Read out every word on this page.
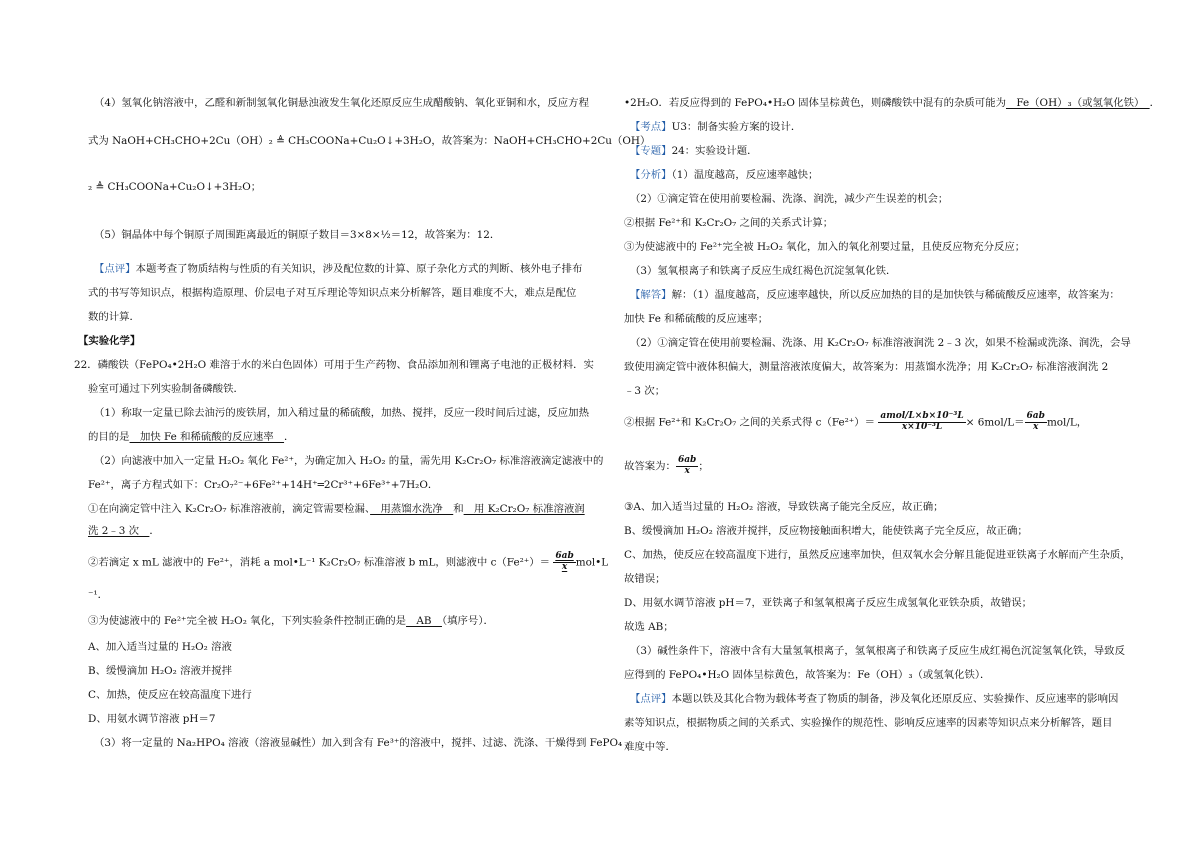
（4）氢氧化钠溶液中，乙醛和新制氢氧化铜悬浊液发生氧化还原反应生成醋酸钠、氧化亚铜和水，反应方程
式为 NaOH+CH₃CHO+2Cu（OH）₂ ≜ CH₃COONa+Cu₂O↓+3H₂O，故答案为：NaOH+CH₃CHO+2Cu（OH）
₂ ≜ CH₃COONa+Cu₂O↓+3H₂O；
（5）铜晶体中每个铜原子周围距离最近的铜原子数目＝3×8×½＝12，故答案为：12．
【点评】本题考查了物质结构与性质的有关知识，涉及配位数的计算、原子杂化方式的判断、核外电子排布
式的书写等知识点，根据构造原理、价层电子对互斥理论等知识点来分析解答，题目难度不大，难点是配位
数的计算．
【实验化学】
22．磷酸铁（FePO₄•2H₂O 难溶于水的米白色固体）可用于生产药物、食品添加剂和锂离子电池的正极材料．实
验室可通过下列实验制备磷酸铁．
（1）称取一定量已除去油污的废铁屑，加入稍过量的稀硫酸，加热、搅拌，反应一段时间后过滤，反应加热
的目的是　加快 Fe 和稀硫酸的反应速率　．
（2）向滤液中加入一定量 H₂O₂ 氧化 Fe²⁺，为确定加入 H₂O₂ 的量，需先用 K₂Cr₂O₇ 标准溶液滴定滤液中的
Fe²⁺，离子方程式如下：Cr₂O₇²⁻+6Fe²⁺+14H⁺═2Cr³⁺+6Fe³⁺+7H₂O．
①在向滴定管中注入 K₂Cr₂O₇ 标准溶液前，滴定管需要检漏、　用蒸馏水洗净　和　用 K₂Cr₂O₇ 标准溶液润
洗 2﹣3 次　．
②若滴定 x mL 滤液中的 Fe²⁺，消耗 a mol•L⁻¹ K₂Cr₂O₇ 标准溶液 b mL，则滤液中 $c(Fe^{2+})= \frac{6ab}{x}$ mol•L
⁻¹．
③为使滤液中的 Fe²⁺完全被 H₂O₂ 氧化，下列实验条件控制正确的是　AB　（填序号）．
A、加入适当过量的 H₂O₂ 溶液
B、缓慢滴加 H₂O₂ 溶液并搅拌
C、加热，使反应在较高温度下进行
D、用氨水调节溶液 pH＝7
（3）将一定量的 Na₂HPO₄ 溶液（溶液显碱性）加入到含有 Fe³⁺的溶液中，搅拌、过滤、洗涤、干燥得到 FePO₄
•2H₂O．若反应得到的 FePO₄•H₂O 固体呈棕黄色，则磷酸铁中混有的杂质可能为　Fe（OH）₃（或氢氧化铁）　．
【考点】U3：制备实验方案的设计．
【专题】24：实验设计题．
【分析】（1）温度越高，反应速率越快；
（2）①滴定管在使用前要检漏、洗涤、润洗，减少产生误差的机会；
②根据 Fe²⁺和 K₂Cr₂O₇ 之间的关系式计算；
③为使滤液中的 Fe²⁺完全被 H₂O₂ 氧化，加入的氧化剂要过量，且使反应物充分反应；
（3）氢氧根离子和铁离子反应生成红褐色沉淀氢氧化铁．
【解答】解：（1）温度越高，反应速率越快，所以反应加热的目的是加快铁与稀硫酸反应速率，故答案为：
加快 Fe 和稀硫酸的反应速率；
（2）①滴定管在使用前要检漏、洗涤、用 K₂Cr₂O₇ 标准溶液润洗 2﹣3 次，如果不检漏或洗涤、润洗，会导
致使用滴定管中液体积偏大，测量溶液浓度偏大，故答案为：用蒸馏水洗净；用 K₂Cr₂O₇ 标准溶液润洗 2
﹣3 次；
②根据 Fe²⁺和 K₂Cr₂O₇ 之间的关系式得 $c(Fe^{2+})= \frac{\text{amol/L×b×10⁻³L}}{\text{x×10⁻³L}} \times 6mol/L= \frac{6ab}{x} mol/L$，
故答案为： $\frac{6ab}{x}$ ；
③A、加入适当过量的 H₂O₂ 溶液，导致铁离子能完全反应，故正确；
B、缓慢滴加 H₂O₂ 溶液并搅拌，反应物接触面积增大，能使铁离子完全反应，故正确；
C、加热，使反应在较高温度下进行，虽然反应速率加快，但双氧水会分解且能促进亚铁离子水解而产生杂质，
故错误；
D、用氨水调节溶液 pH＝7，亚铁离子和氢氧根离子反应生成氢氧化亚铁杂质，故错误；
故选 AB；
（3）碱性条件下，溶液中含有大量氢氧根离子，氢氧根离子和铁离子反应生成红褐色沉淀氢氧化铁，导致反
应得到的 FePO₄•H₂O 固体呈棕黄色，故答案为：Fe（OH）₃（或氢氧化铁）．
【点评】本题以铁及其化合物为载体考查了物质的制备，涉及氧化还原反应、实验操作、反应速率的影响因
素等知识点，根据物质之间的关系式、实验操作的规范性、影响反应速率的因素等知识点来分析解答，题目
难度中等．
